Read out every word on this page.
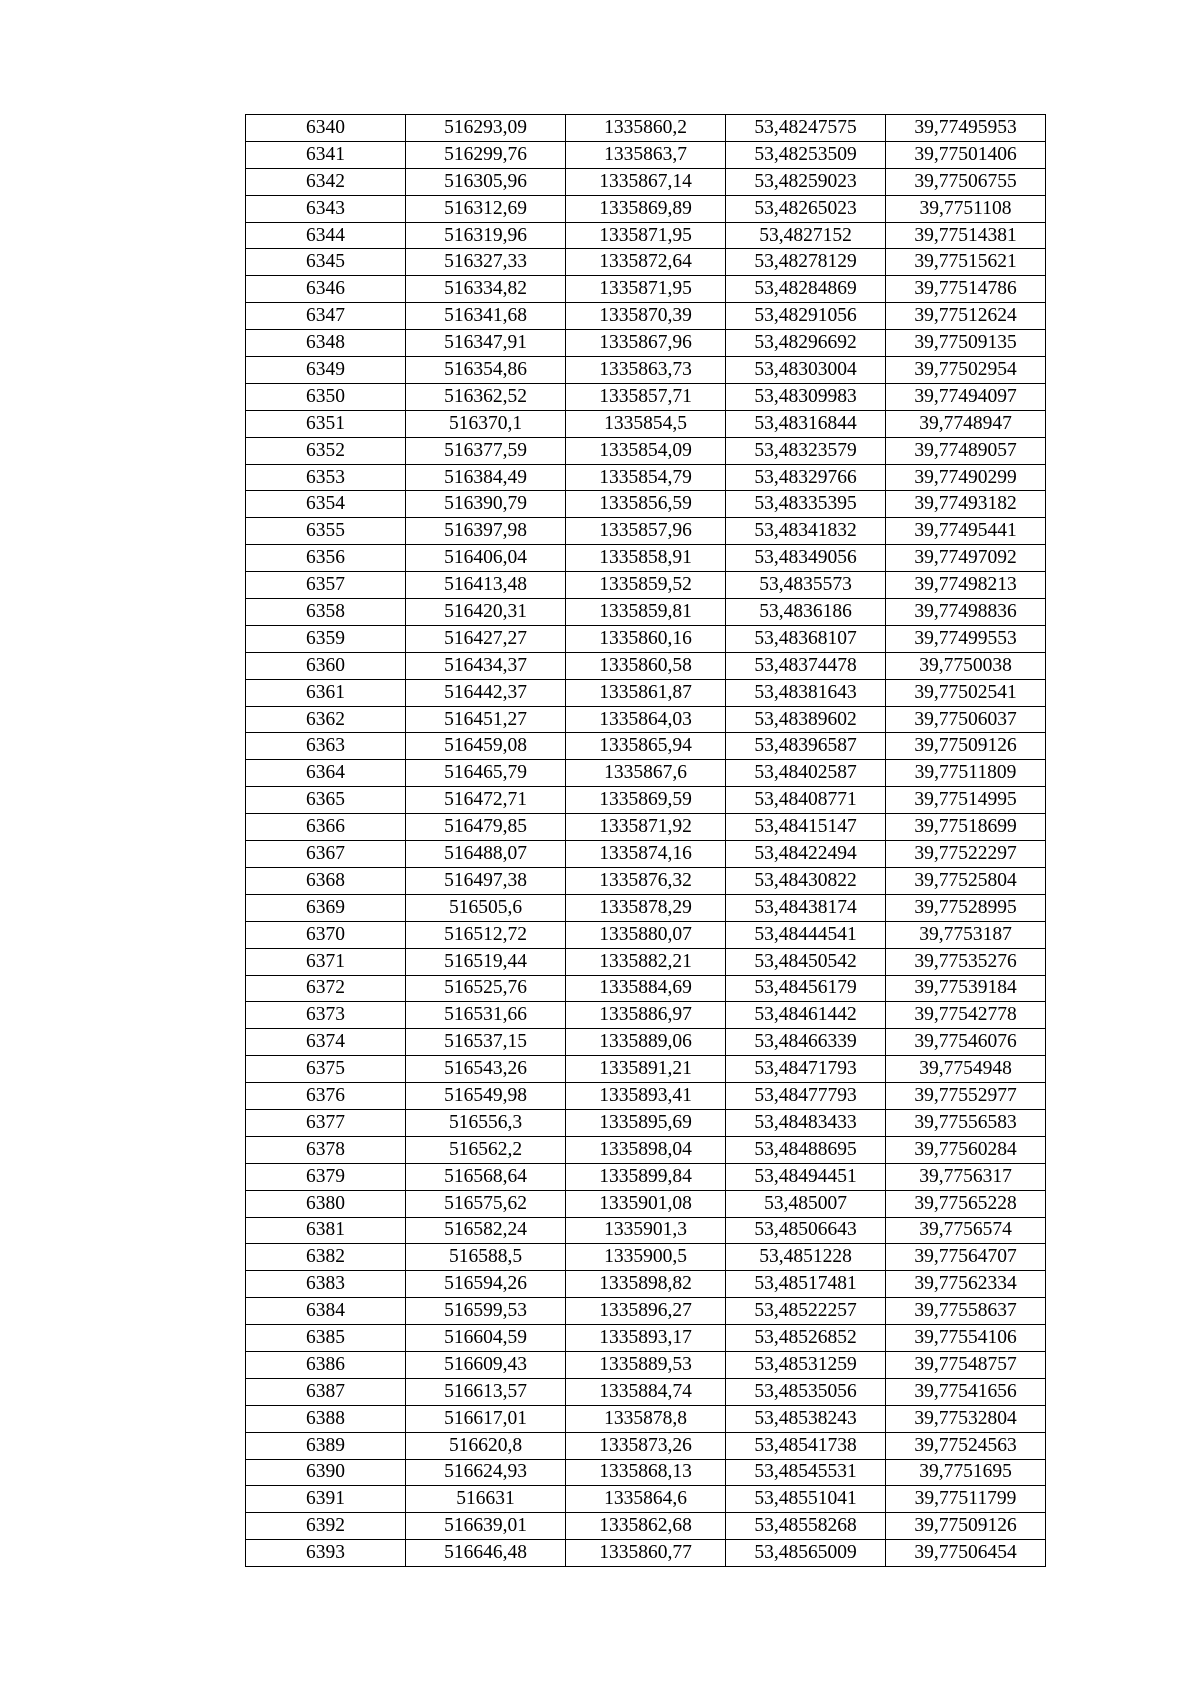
6340	516293,09	1335860,2	53,48247575	39,77495953
6341	516299,76	1335863,7	53,48253509	39,77501406
6342	516305,96	1335867,14	53,48259023	39,77506755
6343	516312,69	1335869,89	53,48265023	39,7751108
6344	516319,96	1335871,95	53,4827152	39,77514381
6345	516327,33	1335872,64	53,48278129	39,77515621
6346	516334,82	1335871,95	53,48284869	39,77514786
6347	516341,68	1335870,39	53,48291056	39,77512624
6348	516347,91	1335867,96	53,48296692	39,77509135
6349	516354,86	1335863,73	53,48303004	39,77502954
6350	516362,52	1335857,71	53,48309983	39,77494097
6351	516370,1	1335854,5	53,48316844	39,7748947
6352	516377,59	1335854,09	53,48323579	39,77489057
6353	516384,49	1335854,79	53,48329766	39,77490299
6354	516390,79	1335856,59	53,48335395	39,77493182
6355	516397,98	1335857,96	53,48341832	39,77495441
6356	516406,04	1335858,91	53,48349056	39,77497092
6357	516413,48	1335859,52	53,4835573	39,77498213
6358	516420,31	1335859,81	53,4836186	39,77498836
6359	516427,27	1335860,16	53,48368107	39,77499553
6360	516434,37	1335860,58	53,48374478	39,7750038
6361	516442,37	1335861,87	53,48381643	39,77502541
6362	516451,27	1335864,03	53,48389602	39,77506037
6363	516459,08	1335865,94	53,48396587	39,77509126
6364	516465,79	1335867,6	53,48402587	39,77511809
6365	516472,71	1335869,59	53,48408771	39,77514995
6366	516479,85	1335871,92	53,48415147	39,77518699
6367	516488,07	1335874,16	53,48422494	39,77522297
6368	516497,38	1335876,32	53,48430822	39,77525804
6369	516505,6	1335878,29	53,48438174	39,77528995
6370	516512,72	1335880,07	53,48444541	39,7753187
6371	516519,44	1335882,21	53,48450542	39,77535276
6372	516525,76	1335884,69	53,48456179	39,77539184
6373	516531,66	1335886,97	53,48461442	39,77542778
6374	516537,15	1335889,06	53,48466339	39,77546076
6375	516543,26	1335891,21	53,48471793	39,7754948
6376	516549,98	1335893,41	53,48477793	39,77552977
6377	516556,3	1335895,69	53,48483433	39,77556583
6378	516562,2	1335898,04	53,48488695	39,77560284
6379	516568,64	1335899,84	53,48494451	39,7756317
6380	516575,62	1335901,08	53,485007	39,77565228
6381	516582,24	1335901,3	53,48506643	39,7756574
6382	516588,5	1335900,5	53,4851228	39,77564707
6383	516594,26	1335898,82	53,48517481	39,77562334
6384	516599,53	1335896,27	53,48522257	39,77558637
6385	516604,59	1335893,17	53,48526852	39,77554106
6386	516609,43	1335889,53	53,48531259	39,77548757
6387	516613,57	1335884,74	53,48535056	39,77541656
6388	516617,01	1335878,8	53,48538243	39,77532804
6389	516620,8	1335873,26	53,48541738	39,77524563
6390	516624,93	1335868,13	53,48545531	39,7751695
6391	516631	1335864,6	53,48551041	39,77511799
6392	516639,01	1335862,68	53,48558268	39,77509126
6393	516646,48	1335860,77	53,48565009	39,77506454
